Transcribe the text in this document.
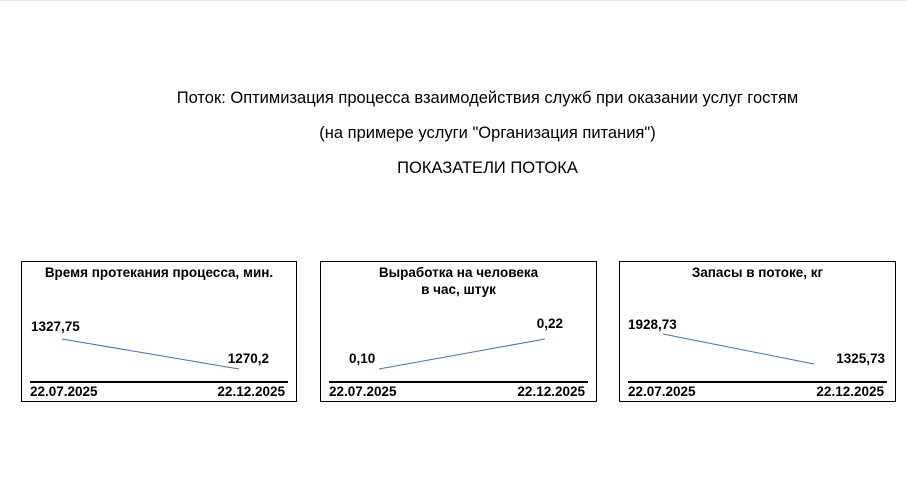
Поток: Оптимизация процесса взаимодействия служб при оказании услуг гостям
(на примере услуги "Организация питания")
ПОКАЗАТЕЛИ ПОТОКА
Время протекания процесса, мин.
1327,75
1270,2
22.07.2025	22.12.2025
Выработка на человека
в час, штук
0,10
0,22
22.07.2025	22.12.2025
Запасы в потоке, кг
1928,73
1325,73
22.07.2025	22.12.2025
